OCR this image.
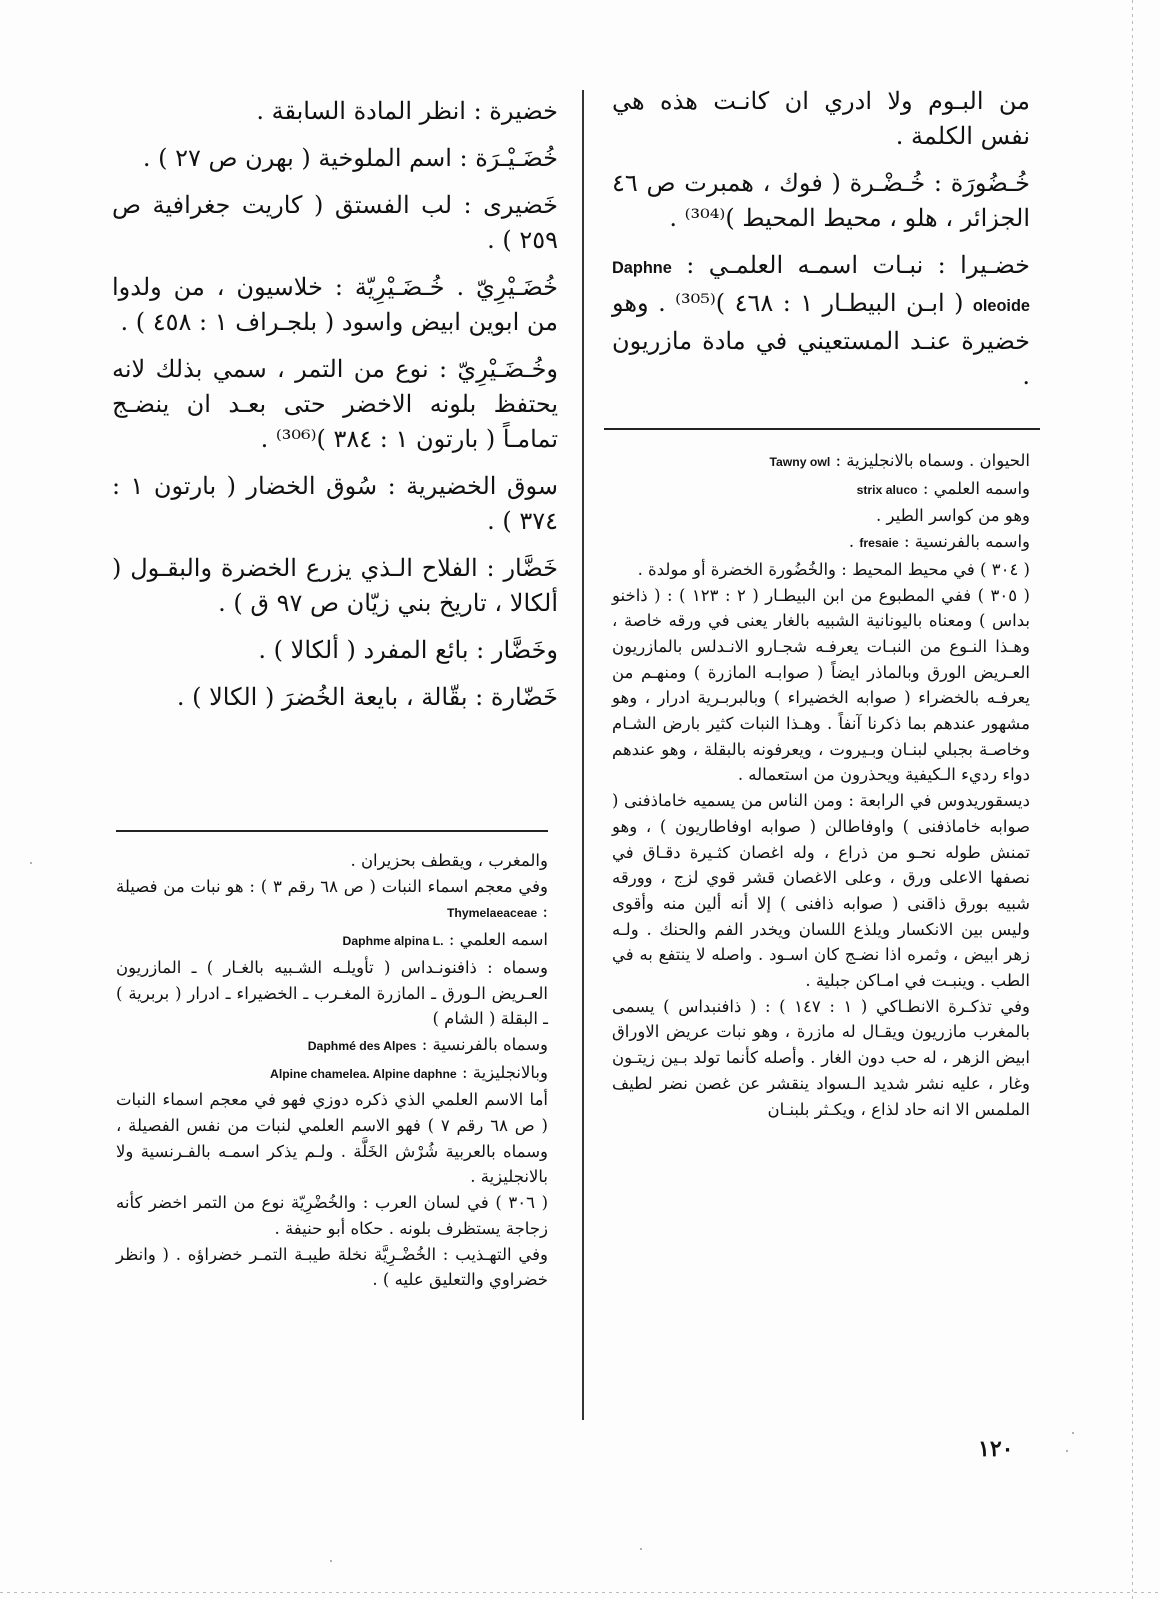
من البـوم ولا ادري ان كانـت هذه هي نفس الكلمة .

خُـضُورَة : خُـضْـرة ( فوك ، همبرت ص ٤٦ الجزائر ، هلو ، محيط المحيط )⁽³⁰⁴⁾ .

خضـيرا : نبـات اسمـه العلمـي : Daphne oleoide ( ابـن البيطـار ١ : ٤٦٨ )⁽³⁰⁵⁾ . وهو خضيرة عنـد المستعيني في مادة مازريون .

الحيوان . وسماه بالانجليزية : Tawny owl

واسمه العلمي : strix aluco

وهو من كواسر الطير .

واسمه بالفرنسية : fresaie .

( ٣٠٤ ) في محيط المحيط : والخُضُورة الخضرة أو مولدة .

( ٣٠٥ ) ففي المطبوع من ابن البيطـار ( ٢ : ١٢٣ ) : ( ذاخنو بداس ) ومعناه باليونانية الشبيه بالغار يعنى في ورقه خاصة ، وهـذا النـوع من النبـات يعرفـه شجـارو الانـدلس بالمازريون العـريض الورق وبالماذر ايضاً ( صوابـه المازرة ) ومنهـم من يعرفـه بالخضراء ( صوابه الخضيراء ) وبالبربـرية ادرار ، وهو مشهور عندهم بما ذكرنا آنفاً . وهـذا النبات كثير بارض الشـام وخاصـة بجبلي لبنـان وبـيروت ، ويعرفونه بالبقلة ، وهو عندهم دواء رديء الـكيفية ويحذرون من استعماله .

ديسقوريدوس في الرابعة : ومن الناس من يسميه خاماذفنى ( صوابه خاماذفنى ) واوفاطالن ( صوابه اوفاطاريون ) ، وهو تمنش طوله نحـو من ذراع ، وله اغصان كثـيرة دقـاق في نصفها الاعلى ورق ، وعلى الاغصان قشر قوي لزج ، وورقه شبيه بورق ذاقنى ( صوابه ذافنى ) إلا أنه ألين منه وأقوى وليس بين الانكسار ويلذع اللسان ويخدر الفم والحنك . ولـه زهر ابيض ، وثمره اذا نضـج كان اسـود . واصله لا ينتفع به في الطب . وينبـت في امـاكن جبلية .

وفي تذكـرة الانطـاكي ( ١ : ١٤٧ ) : ( ذافنبداس ) يسمى بالمغرب مازريون ويقـال له مازرة ، وهو نبات عريض الاوراق ابيض الزهر ، له حب دون الغار . وأصله كأنما تولد بـين زيتـون وغار ، عليه نشر شديد الـسواد ينقشر عن غصن نضر لطيف الملمس الا انه حاد لذاع ، ويكـثر بلبنـان

خضيرة : انظر المادة السابقة .

خُضَـيْـرَة : اسم الملوخية ( بهرن ص ٢٧ ) .

خَضيرى : لب الفستق ( كاريت جغرافية ص ٢٥٩ ) .

خُضَـيْرِيّ . خُـضَـيْرِيّة : خلاسيون ، من ولدوا من ابوين ابيض واسود ( بلجـراف ١ : ٤٥٨ ) .

وخُـضَـيْرِيّ : نوع من التمر ، سمي بذلك لانه يحتفظ بلونه الاخضر حتى بعـد ان ينضـج تمامـاً ( بارتون ١ : ٣٨٤ )⁽³⁰⁶⁾ .

سوق الخضيرية : سُوق الخضار ( بارتون ١ : ٣٧٤ ) .

خَضَّار : الفلاح الـذي يزرع الخضرة والبقـول ( ألكالا ، تاريخ بني زيّان ص ٩٧ ق ) .

وخَضَّار : بائع المفرد ( ألكالا ) .

خَضّارة : بقّالة ، بايعة الخُضرَ ( الكالا ) .

والمغرب ، ويقطف بحزيران .

وفي معجم اسماء النبات ( ص ٦٨ رقم ٣ ) : هو نبات من فصيلة : Thymelaeaceae

اسمه العلمي : Daphme alpina L.

وسماه : ذافنونـداس ( تأويلـه الشـبيه بالغـار ) ـ المازريون العـريض الـورق ـ المازرة المغـرب ـ الخضيراء ـ ادرار ( بربرية ) ـ البقلة ( الشام )

وسماه بالفرنسية : Daphmé des Alpes

وبالانجليزية : Alpine chamelea. Alpine daphne

أما الاسم العلمي الذي ذكره دوزي فهو في معجم اسماء النبات ( ص ٦٨ رقم ٧ ) فهو الاسم العلمي لنبات من نفس الفصيلة ، وسماه بالعربية شُرْش الخَلَّة . ولـم يذكر اسمـه بالفـرنسية ولا بالانجليزية .

( ٣٠٦ ) في لسان العرب : والخُضْرِيّة نوع من التمر اخضر كأنه زجاجة يستظرف بلونه . حكاه أبو حنيفة .

وفي التهـذيب : الخُضْـرِيَّة نخلة طيبـة التمـر خضراؤه . ( وانظر خضراوي والتعليق عليه ) .

١٢٠
